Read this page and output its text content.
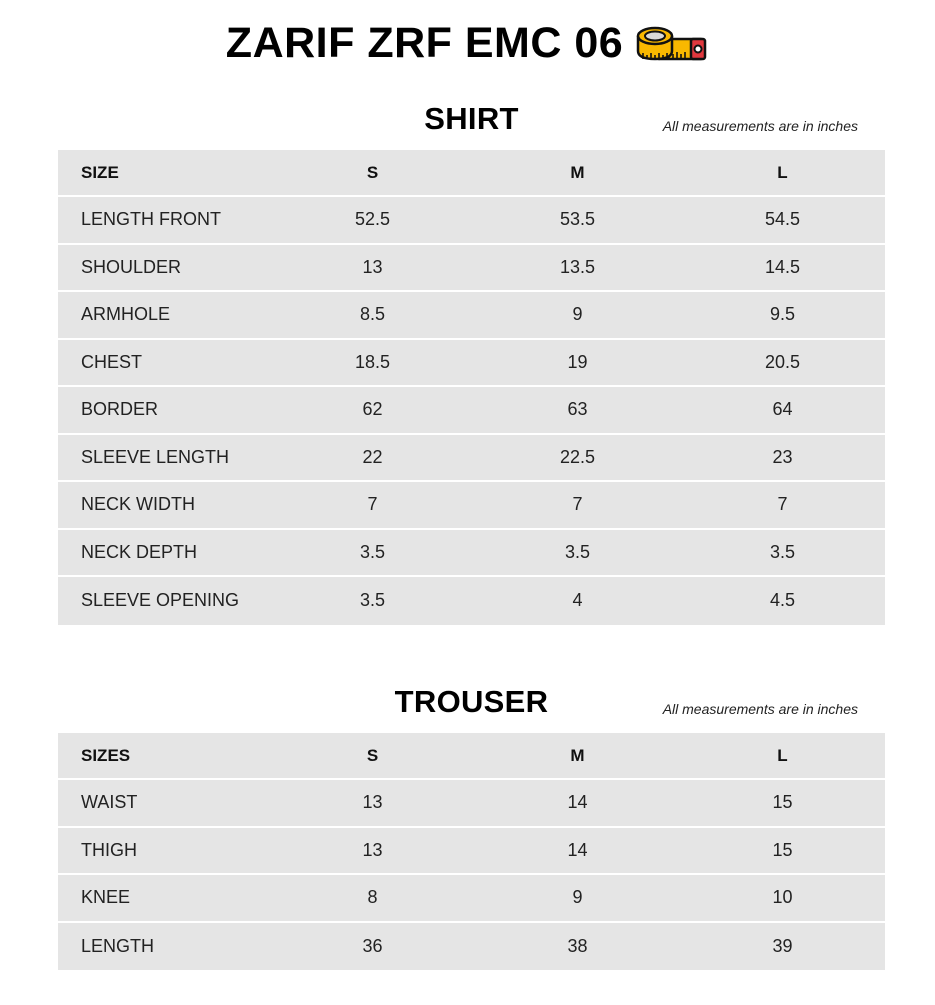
ZARIF ZRF EMC 06
SHIRT	All measurements are in inches
SIZE	S	M	L
LENGTH FRONT	52.5	53.5	54.5
SHOULDER	13	13.5	14.5
ARMHOLE	8.5	9	9.5
CHEST	18.5	19	20.5
BORDER	62	63	64
SLEEVE LENGTH	22	22.5	23
NECK WIDTH	7	7	7
NECK DEPTH	3.5	3.5	3.5
SLEEVE OPENING	3.5	4	4.5
TROUSER	All measurements are in inches
SIZES	S	M	L
WAIST	13	14	15
THIGH	13	14	15
KNEE	8	9	10
LENGTH	36	38	39
